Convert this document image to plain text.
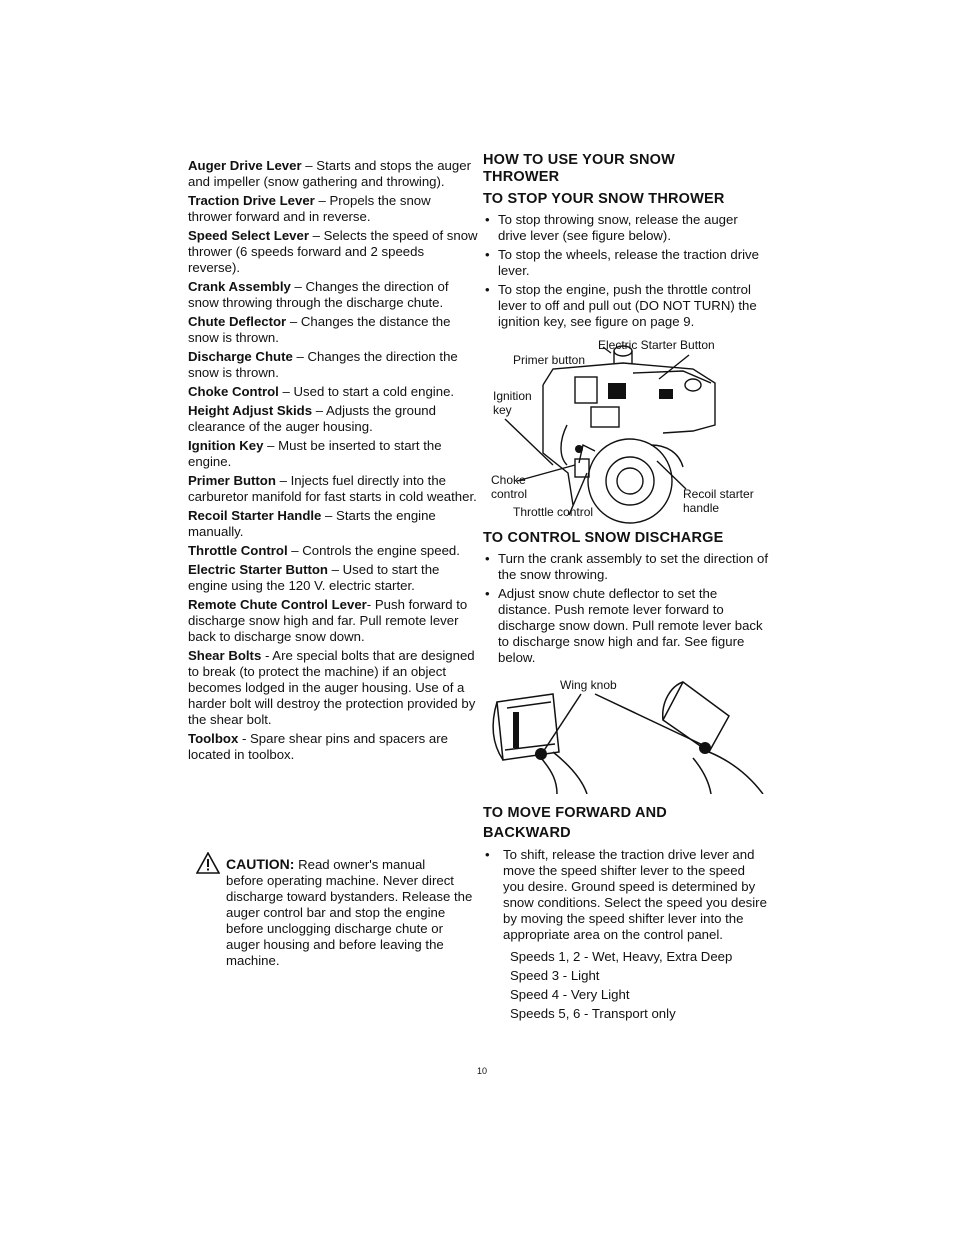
Auger Drive Lever – Starts and stops the auger and impeller (snow gathering and throwing).

Traction Drive Lever – Propels the snow thrower forward and in reverse.

Speed Select Lever – Selects the speed of snow thrower (6 speeds forward and 2 speeds reverse).

Crank Assembly – Changes the direction of snow throwing through the discharge chute.

Chute Deflector – Changes the distance the snow is thrown.

Discharge Chute – Changes the direction the snow is thrown.

Choke Control – Used to start a cold engine.

Height Adjust Skids – Adjusts the ground clearance of the auger housing.

Ignition Key – Must be inserted to start the engine.

Primer Button – Injects fuel directly into the carburetor manifold for fast starts in cold weather.

Recoil Starter Handle – Starts the engine manually.

Throttle Control – Controls the engine speed.

Electric Starter Button – Used to start the engine using the 120 V. electric starter.

Remote Chute Control Lever- Push forward to discharge snow high and far. Pull remote lever back to discharge snow down.

Shear Bolts - Are special bolts that are designed to break (to protect the machine) if an object becomes lodged in the auger housing. Use of a harder bolt will destroy the protection provided by the shear bolt.

Toolbox - Spare shear pins and spacers are located in toolbox.

CAUTION: Read owner's manual
before operating machine. Never direct discharge toward bystanders. Release the auger control bar and stop the engine before unclogging discharge chute or auger housing and before leaving the machine.
HOW TO USE YOUR SNOW THROWER
TO STOP YOUR SNOW THROWER
• To stop throwing snow, release the auger drive lever (see figure below).
• To stop the wheels, release the traction drive lever.
• To stop the engine, push the throttle control lever to off and pull out (DO NOT TURN) the ignition key, see figure on page 9.
Electric Starter Button
Primer button
Ignition key
Choke control
Throttle control
Recoil starter handle
TO CONTROL SNOW DISCHARGE
• Turn the crank assembly to set the direction of the snow throwing.
• Adjust snow chute deflector to set the distance. Push remote lever forward to discharge snow down. Pull remote lever back to discharge snow high and far. See figure below.
Wing knob
TO MOVE FORWARD AND BACKWARD
• To shift, release the traction drive lever and move the speed shifter lever to the speed you desire. Ground speed is determined by snow conditions. Select the speed you desire by moving the speed shifter lever into the appropriate area on the control panel.
Speeds 1, 2 - Wet, Heavy, Extra Deep
Speed 3 - Light
Speed 4 - Very Light
Speeds 5, 6 - Transport only
10
